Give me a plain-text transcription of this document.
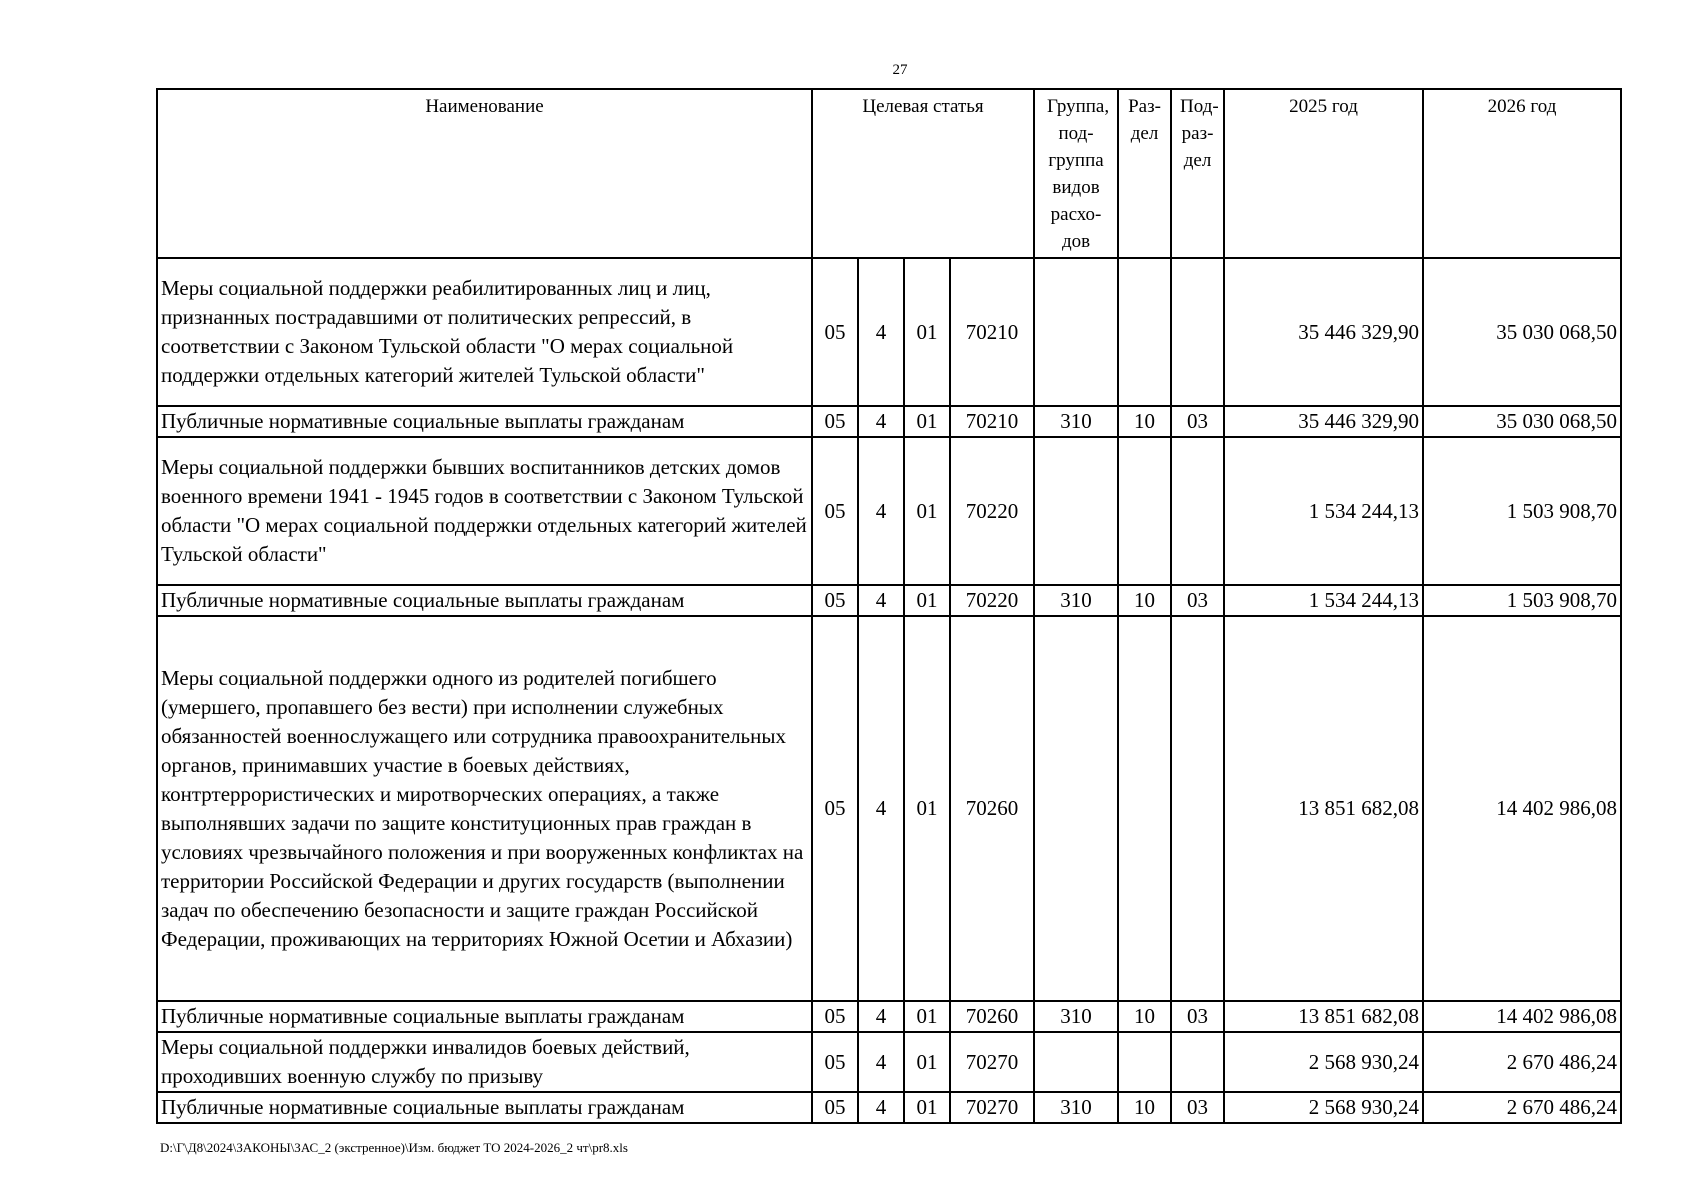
27
Наименование	Целевая статья				Группа, под-группа видов расхо-дов	Раз-дел	Под-раз-дел	2025 год	2026 год
Меры социальной поддержки реабилитированных лиц и лиц, признанных пострадавшими от политических репрессий, в соответствии с Законом Тульской области "О мерах социальной поддержки отдельных категорий жителей Тульской области"	05	4	01	70210				35 446 329,90	35 030 068,50
Публичные нормативные социальные выплаты гражданам	05	4	01	70210	310	10	03	35 446 329,90	35 030 068,50
Меры социальной поддержки бывших воспитанников детских домов военного времени 1941 - 1945 годов в соответствии с Законом Тульской области "О мерах социальной поддержки отдельных категорий жителей Тульской области"	05	4	01	70220				1 534 244,13	1 503 908,70
Публичные нормативные социальные выплаты гражданам	05	4	01	70220	310	10	03	1 534 244,13	1 503 908,70
Меры социальной поддержки одного из родителей погибшего (умершего, пропавшего без вести) при исполнении служебных обязанностей военнослужащего или сотрудника правоохранительных органов, принимавших участие в боевых действиях, контртеррористических и миротворческих операциях, а также выполнявших задачи по защите конституционных прав граждан в условиях чрезвычайного положения и при вооруженных конфликтах на территории Российской Федерации и других государств (выполнении задач по обеспечению безопасности и защите граждан Российской Федерации, проживающих на территориях Южной Осетии и Абхазии)	05	4	01	70260				13 851 682,08	14 402 986,08
Публичные нормативные социальные выплаты гражданам	05	4	01	70260	310	10	03	13 851 682,08	14 402 986,08
Меры социальной поддержки инвалидов боевых действий, проходивших военную службу по призыву	05	4	01	70270				2 568 930,24	2 670 486,24
Публичные нормативные социальные выплаты гражданам	05	4	01	70270	310	10	03	2 568 930,24	2 670 486,24
D:\Г\Д8\2024\ЗАКОНЫ\ЗАС_2 (экстренное)\Изм. бюджет ТО 2024-2026_2 чт\pr8.xls
